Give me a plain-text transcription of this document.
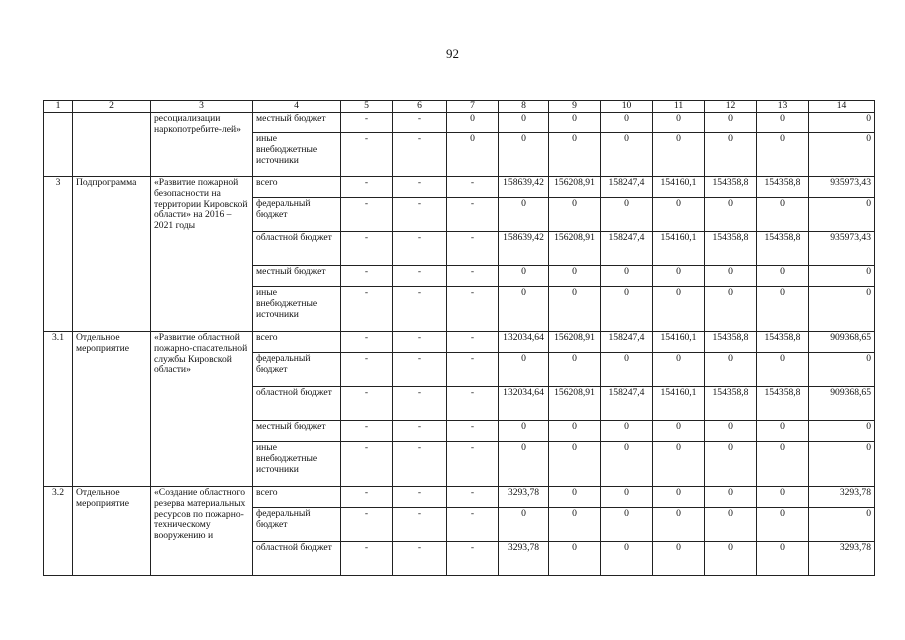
92
1	2	3	4	5	6	7	8	9	10	11	12	13	14
		ресоциализации наркопотребите-лей»	местный бюджет	-	-	0	0	0	0	0	0	0	0
			иные внебюджетные источники	-	-	0	0	0	0	0	0	0	0
3	Подпрограмма	«Развитие пожарной безопасности на территории Кировской области» на 2016 – 2021 годы	всего	-	-	-	158639,42	156208,91	158247,4	154160,1	154358,8	154358,8	935973,43
			федеральный бюджет	-	-	-	0	0	0	0	0	0	0
			областной бюджет	-	-	-	158639,42	156208,91	158247,4	154160,1	154358,8	154358,8	935973,43
			местный бюджет	-	-	-	0	0	0	0	0	0	0
			иные внебюджетные источники	-	-	-	0	0	0	0	0	0	0
3.1	Отдельное мероприятие	«Развитие областной пожарно-спасательной службы Кировской области»	всего	-	-	-	132034,64	156208,91	158247,4	154160,1	154358,8	154358,8	909368,65
			федеральный бюджет	-	-	-	0	0	0	0	0	0	0
			областной бюджет	-	-	-	132034,64	156208,91	158247,4	154160,1	154358,8	154358,8	909368,65
			местный бюджет	-	-	-	0	0	0	0	0	0	0
			иные внебюджетные источники	-	-	-	0	0	0	0	0	0	0
3.2	Отдельное мероприятие	«Создание областного резерва материальных ресурсов по пожарно-техническому вооружению и	всего	-	-	-	3293,78	0	0	0	0	0	3293,78
			федеральный бюджет	-	-	-	0	0	0	0	0	0	0
			областной бюджет	-	-	-	3293,78	0	0	0	0	0	3293,78
